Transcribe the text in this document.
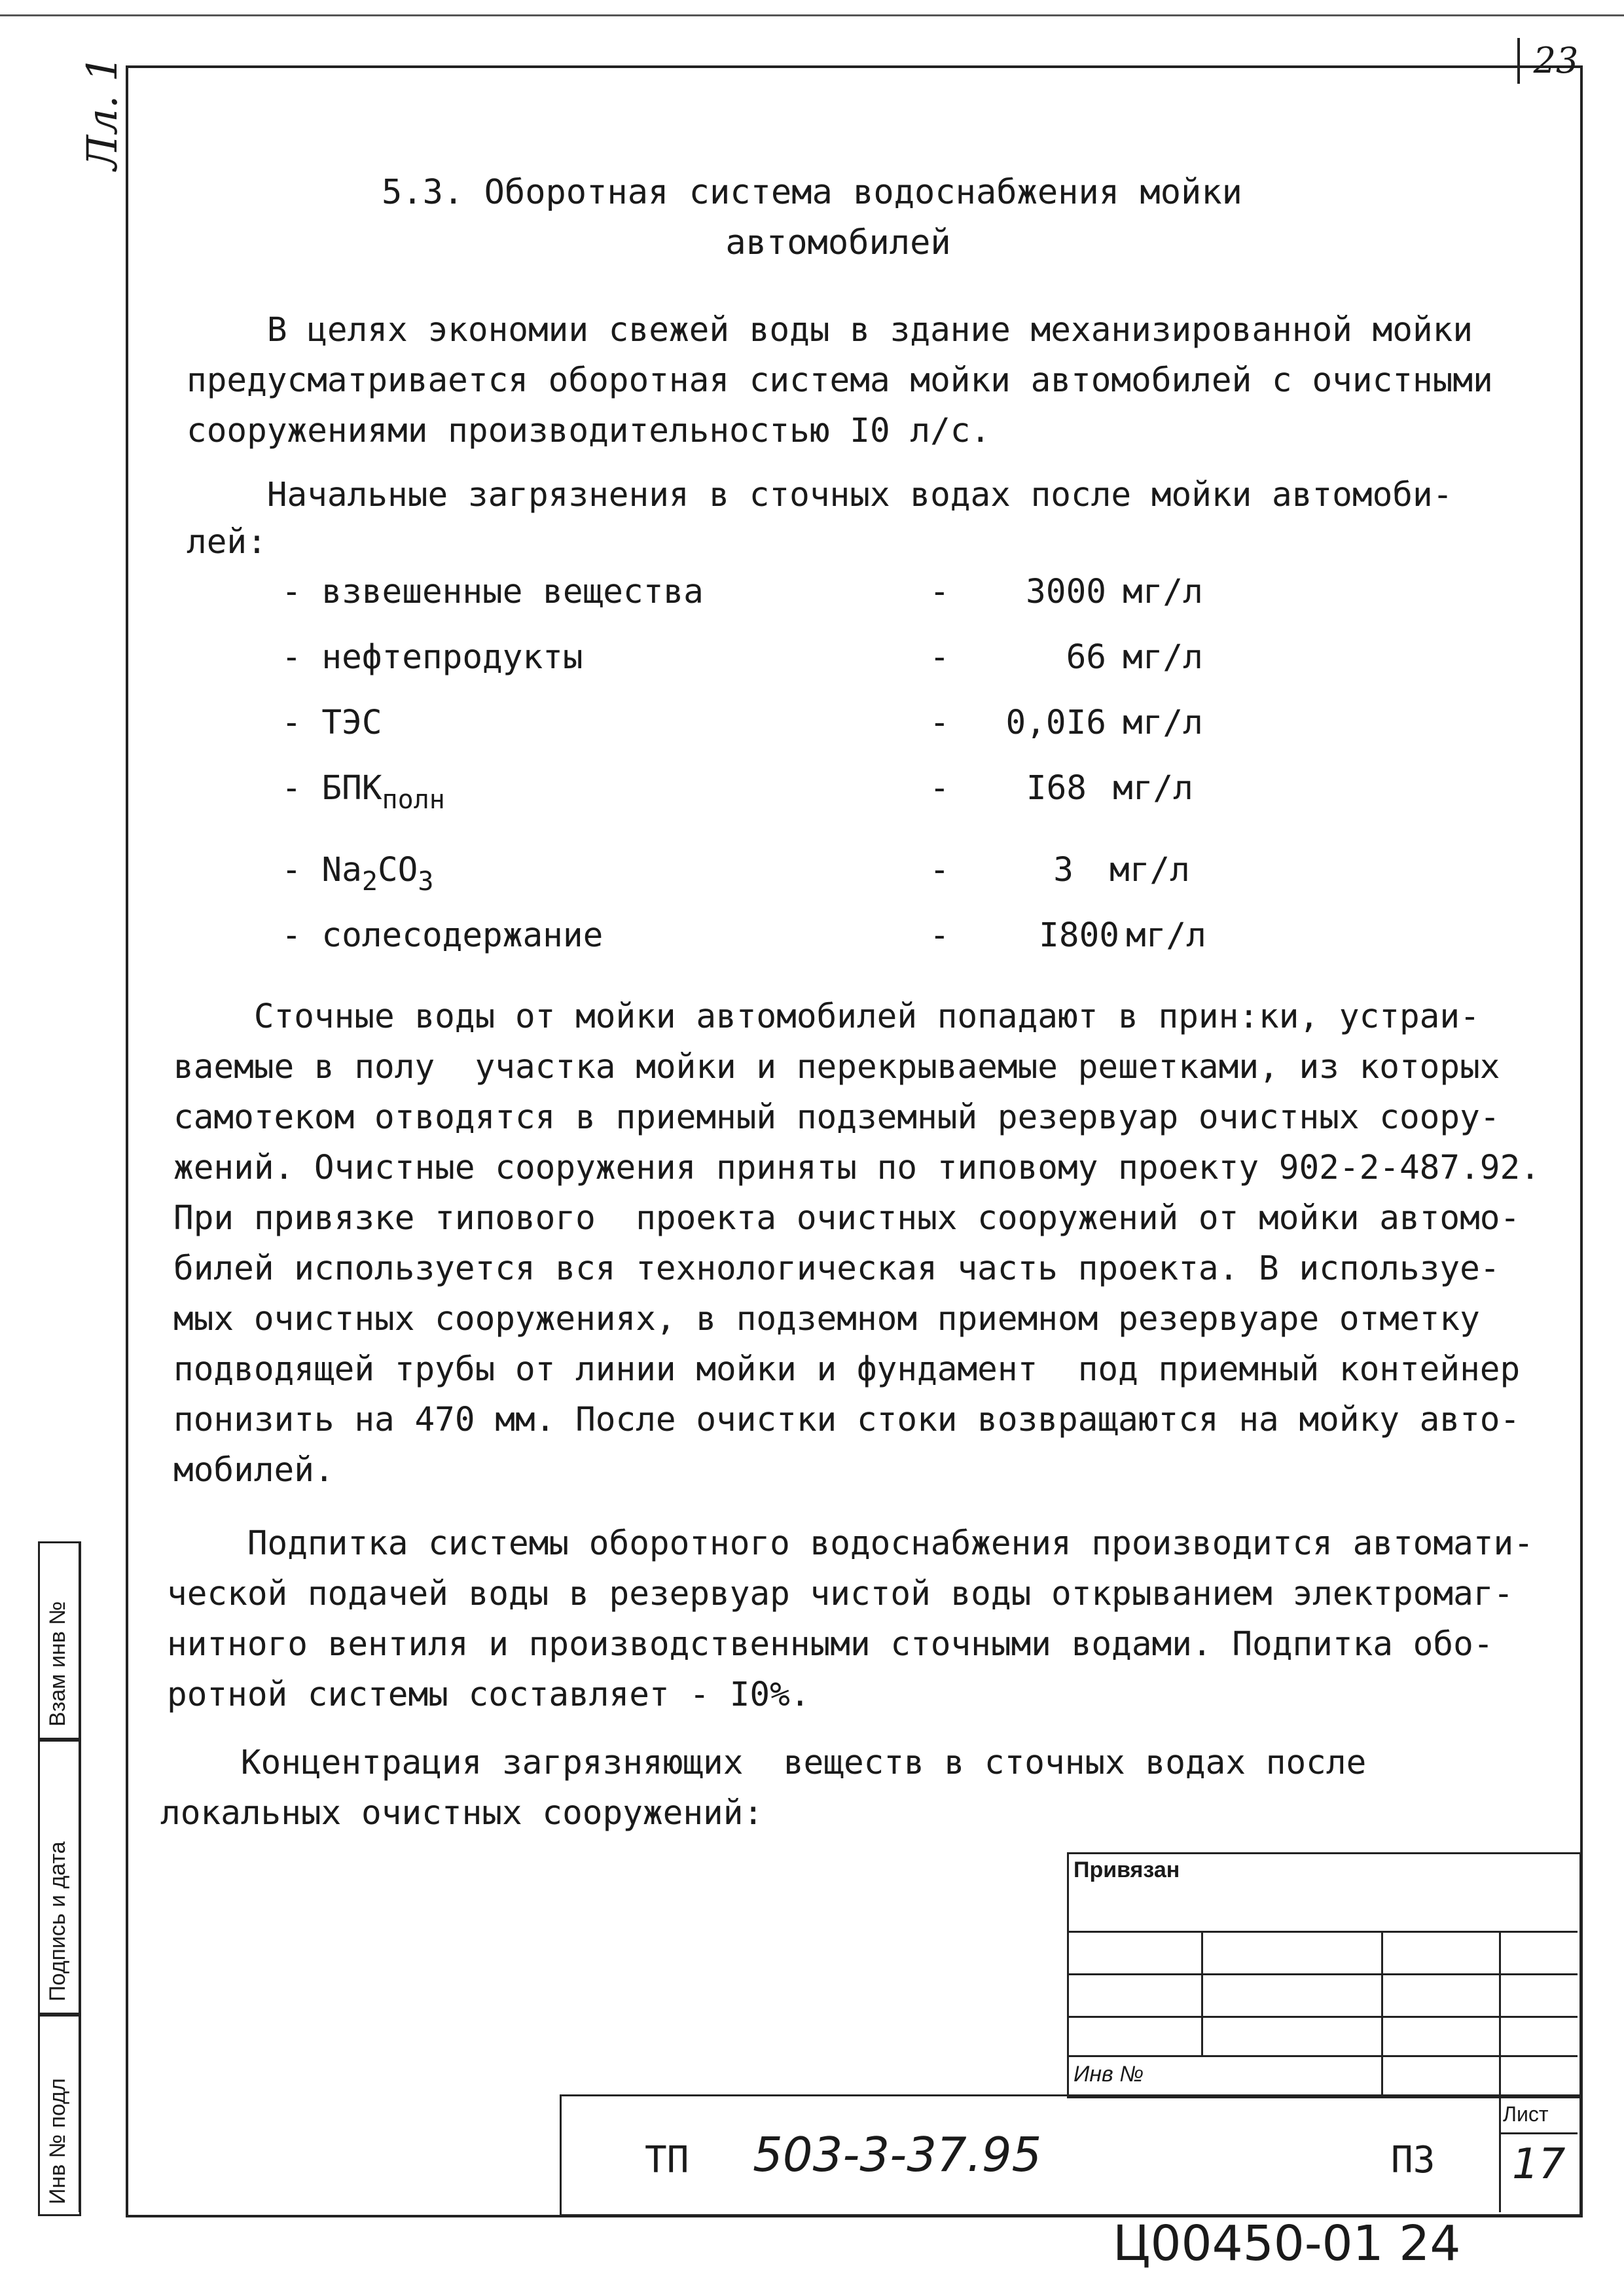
23
Лл. 1
5.3. Оборотная система водоснабжения мойки
автомобилей
В целях экономии свежей воды в здание механизированной мойки
предусматривается оборотная система мойки автомобилей с очистными
сооружениями производительностью I0 л/с.
Начальные загрязнения в сточных водах после мойки автомоби-
лей:
- взвешенные вещества	-	3000 мг/л
- нефтепродукты	-	66 мг/л
- ТЭС	-	0,0I6 мг/л
- $БПК_{полн}$	-	I68 мг/л
- $Na_2CO_3$	-	3 мг/л
- солесодержание	-	I800 мг/л
Сточные воды от мойки автомобилей попадают в прин:ки, устраи-
ваемые в полу  участка мойки и перекрываемые решетками, из которых
самотеком отводятся в приемный подземный резервуар очистных соору-
жений. Очистные сооружения приняты по типовому проекту 902-2-487.92.
При привязке типового  проекта очистных сооружений от мойки автомо-
билей используется вся технологическая часть проекта. В используе-
мых очистных сооружениях, в подземном приемном резервуаре отметку
подводящей трубы от линии мойки и фундамент  под приемный контейнер
понизить на 470 мм. После очистки стоки возвращаются на мойку авто-
мобилей.
Подпитка системы оборотного водоснабжения производится автомати-
ческой подачей воды в резервуар чистой воды открыванием электромаг-
нитного вентиля и производственными сточными водами. Подпитка обо-
ротной системы составляет - I0%.
Концентрация загрязняющих  веществ в сточных водах после
локальных очистных сооружений:
Взам инв №
Подпись и дата
Инв № подл
Привязан
Инв №
Лист
17
ТП 503-3-37.95	ПЗ
Ц00450-01 24
